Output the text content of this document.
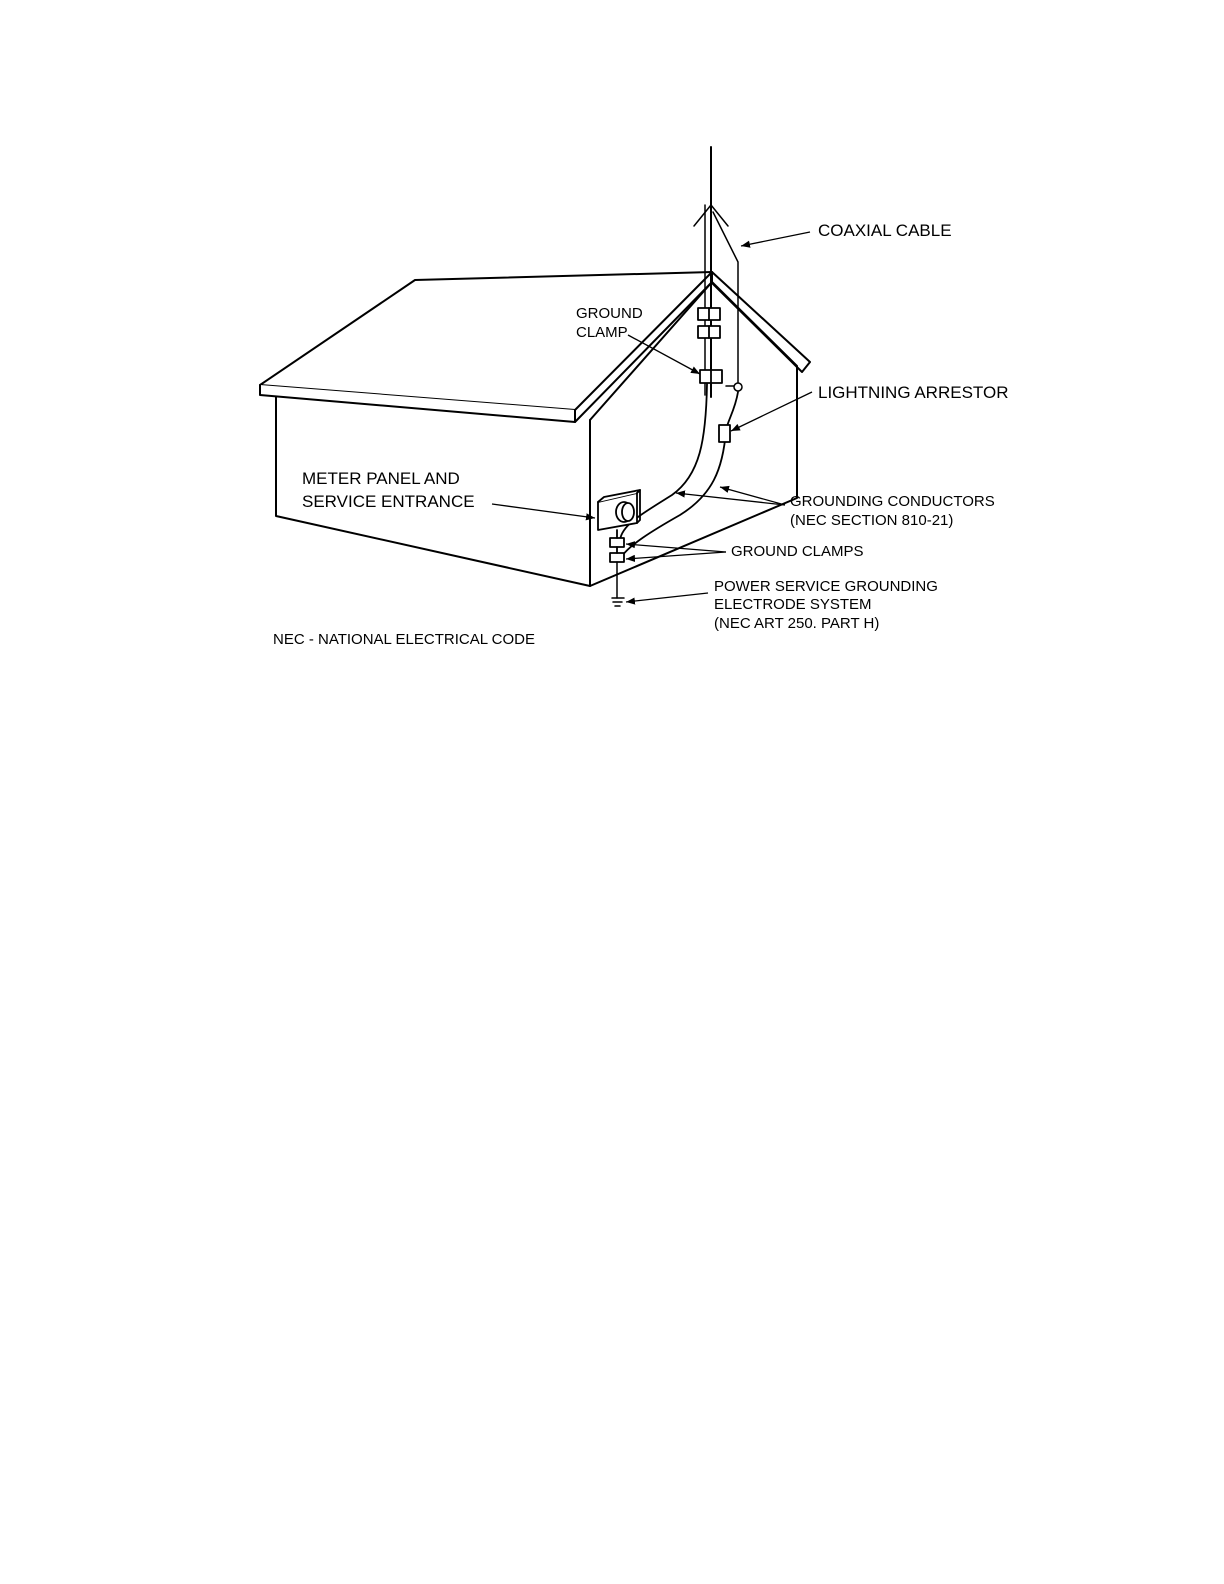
COAXIAL CABLE

GROUND

CLAMP

LIGHTNING ARRESTOR

METER PANEL AND

SERVICE ENTRANCE	GROUNDING CONDUCTORS

(NEC SECTION 810-21)

GROUND CLAMPS

POWER SERVICE GROUNDING

ELECTRODE SYSTEM

(NEC ART 250. PART H)

NEC - NATIONAL ELECTRICAL CODE
